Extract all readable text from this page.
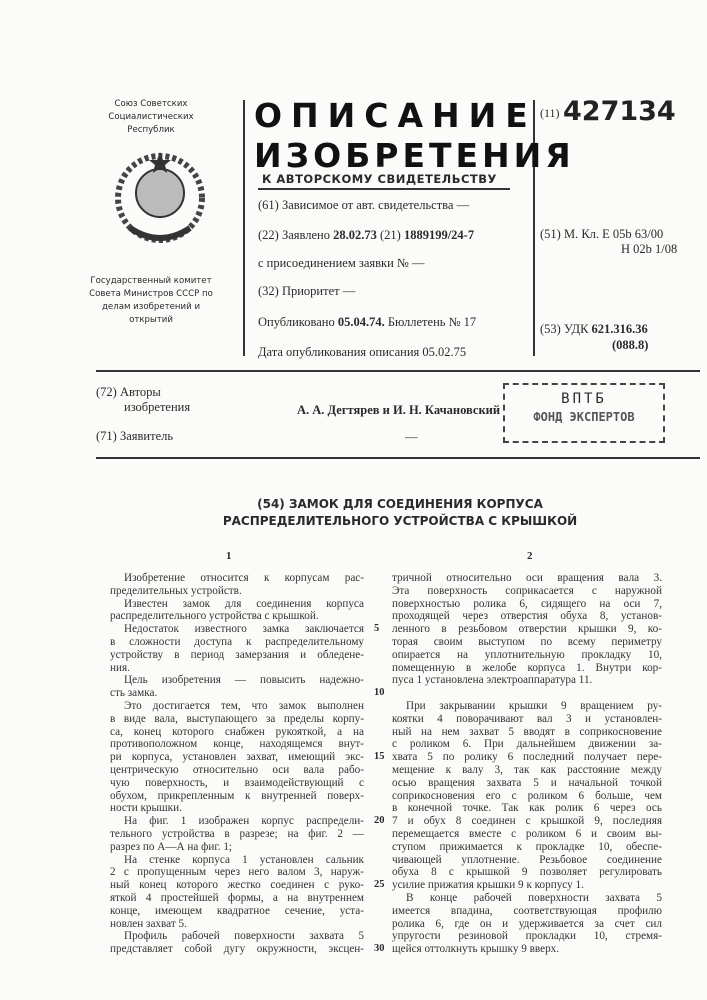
Союз Советских Социалистических Республик
Государственный комитет Совета Министров СССР по делам изобретений и открытий
ОПИСАНИЕ
ИЗОБРЕТЕНИЯ
К АВТОРСКОМУ СВИДЕТЕЛЬСТВУ
(61) Зависимое от авт. свидетельства —
(22) Заявлено 28.02.73 (21) 1889199/24-7
с присоединением заявки № —
(32) Приоритет —
Опубликовано 05.04.74. Бюллетень № 17
Дата опубликования описания 05.02.75
(11) 427134
(51) М. Кл. E 05b 63/00
H 02b 1/08
(53) УДК 621.316.36
(088.8)
(72) Авторы
изобретения	А. А. Дегтярев и И. Н. Качановский
(71) Заявитель	—
ВПТБ
ФОНД ЭКСПЕРТОВ
(54) ЗАМОК ДЛЯ СОЕДИНЕНИЯ КОРПУСА
РАСПРЕДЕЛИТЕЛЬНОГО УСТРОЙСТВА С КРЫШКОЙ
1	2
Изобретение относится к корпусам рас-
пределительных устройств.
Известен замок для соединения корпуса
распределительного устройства с крышкой.
Недостаток известного замка заключается
в сложности доступа к распределительному
устройству в период замерзания и обледене-
ния.
Цель изобретения — повысить надежно-
сть замка.
Это достигается тем, что замок выполнен
в виде вала, выступающего за пределы корпу-
са, конец которого снабжен рукояткой, а на
противоположном конце, находящемся внут-
ри корпуса, установлен захват, имеющий экс-
центрическую относительно оси вала рабо-
чую поверхность, и взаимодействующий с
обухом, прикрепленным к внутренней поверх-
ности крышки.
На фиг. 1 изображен корпус распредели-
тельного устройства в разрезе; на фиг. 2 —
разрез по А—А на фиг. 1;
На стенке корпуса 1 установлен сальник
2 с пропущенным через него валом 3, наруж-
ный конец которого жестко соединен с руко-
яткой 4 простейшей формы, а на внутреннем
конце, имеющем квадратное сечение, уста-
новлен захват 5.
Профиль рабочей поверхности захвата 5
представляет собой дугу окружности, эксцен-
тричной относительно оси вращения вала 3.
Эта поверхность соприкасается с наружной
поверхностью ролика 6, сидящего на оси 7,
проходящей через отверстия обуха 8, установ-
ленного в резьбовом отверстии крышки 9, ко-
торая своим выступом по всему периметру
опирается на уплотнительную прокладку 10,
помещенную в желобе корпуса 1. Внутри кор-
пуса 1 установлена электроаппаратура 11.
При закрывании крышки 9 вращением ру-
коятки 4 поворачивают вал 3 и установлен-
ный на нем захват 5 вводят в соприкосновение
с роликом 6. При дальнейшем движении за-
хвата 5 по ролику 6 последний получает пере-
мещение к валу 3, так как расстояние между
осью вращения захвата 5 и начальной точкой
соприкосновения его с роликом 6 больше, чем
в конечной точке. Так как ролик 6 через ось
7 и обух 8 соединен с крышкой 9, последняя
перемещается вместе с роликом 6 и своим вы-
ступом прижимается к прокладке 10, обеспе-
чивающей уплотнение. Резьбовое соединение
обуха 8 с крышкой 9 позволяет регулировать
усилие прижатия крышки 9 к корпусу 1.
В конце рабочей поверхности захвата 5
имеется впадина, соответствующая профилю
ролика 6, где он и удерживается за счет сил
упругости резиновой прокладки 10, стремя-
щейся оттолкнуть крышку 9 вверх.
5
10
15
20
25
30
